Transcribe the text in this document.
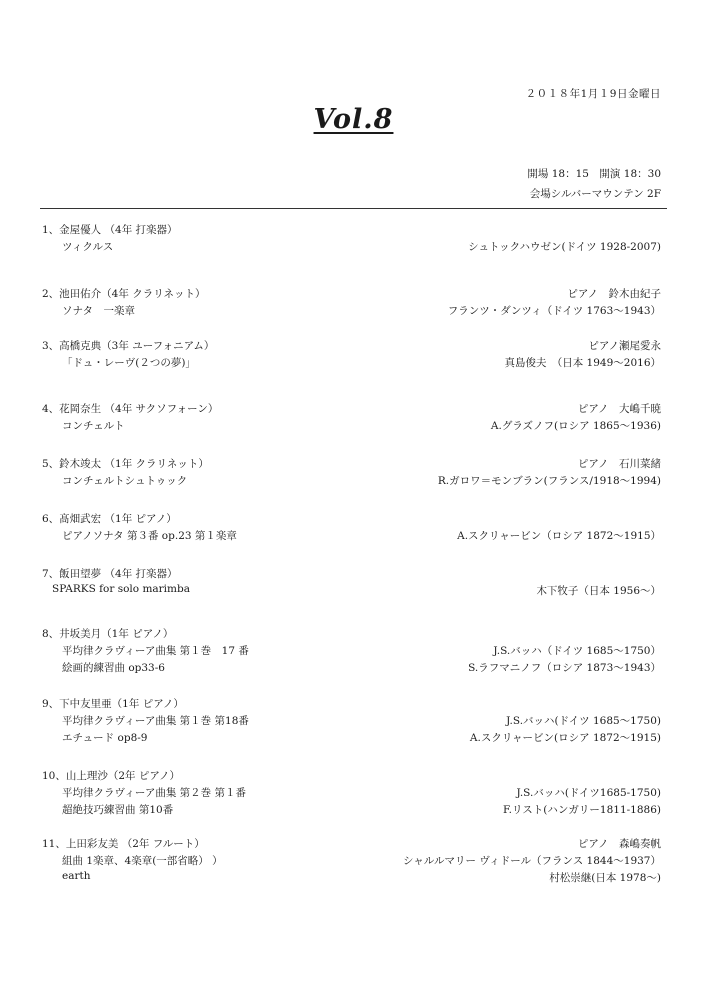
２０１８年1月１9日金曜日
Vol.8
開場 18：15　開演 18：30
会場シルバーマウンテン 2F
1、金屋優人 （4年 打楽器）
ツィクルス	シュトックハウゼン(ドイツ 1928-2007)
2、池田佑介（4年 クラリネット）	ピアノ　鈴木由紀子
ソナタ　一楽章	フランツ・ダンツィ（ドイツ 1763～1943）
3、高橋克典（3年 ユーフォニアム）	ピアノ瀬尾愛永
「ドュ・レーヴ(２つの夢)」	真島俊夫　（日本 1949～2016）
4、花岡奈生 （4年 サクソフォーン）	ピアノ　大嶋千暁
コンチェルト	A.グラズノフ(ロシア 1865～1936)
5、鈴木竣太 （1年 クラリネット）	ピアノ　石川菜緒
コンチェルトシュトゥック	R.ガロワ＝モンブラン(フランス/1918～1994)
6、髙畑武宏 （1年 ピアノ）
ピアノソナタ 第３番 op.23 第１楽章	A.スクリャービン（ロシア 1872～1915）
7、飯田望夢 （4年 打楽器）
SPARKS for solo marimba	木下牧子（日本 1956～）
8、井坂美月（1年 ピアノ）
平均律クラヴィーア曲集 第１巻　17 番	J.S.バッハ（ドイツ 1685～1750）
絵画的練習曲 op33-6	S.ラフマニノフ（ロシア 1873～1943）
9、下中友里亜（1年 ピアノ）
平均律クラヴィーア曲集 第１巻 第18番	J.S.バッハ(ドイツ 1685～1750)
エチュード op8-9	A.スクリャービン(ロシア 1872～1915)
10、山上理沙（2年 ピアノ）
平均律クラヴィーア曲集 第２巻 第１番	J.S.バッハ(ドイツ1685-1750)
超絶技巧練習曲 第10番	F.リスト(ハンガリー1811-1886)
11、上田彩友美 （2年 フルート）	ピアノ　森嶋奏帆
組曲 1楽章、4楽章(一部省略） ）	シャルルマリー ヴィドール（フランス 1844～1937）
earth	村松崇継(日本 1978～)
